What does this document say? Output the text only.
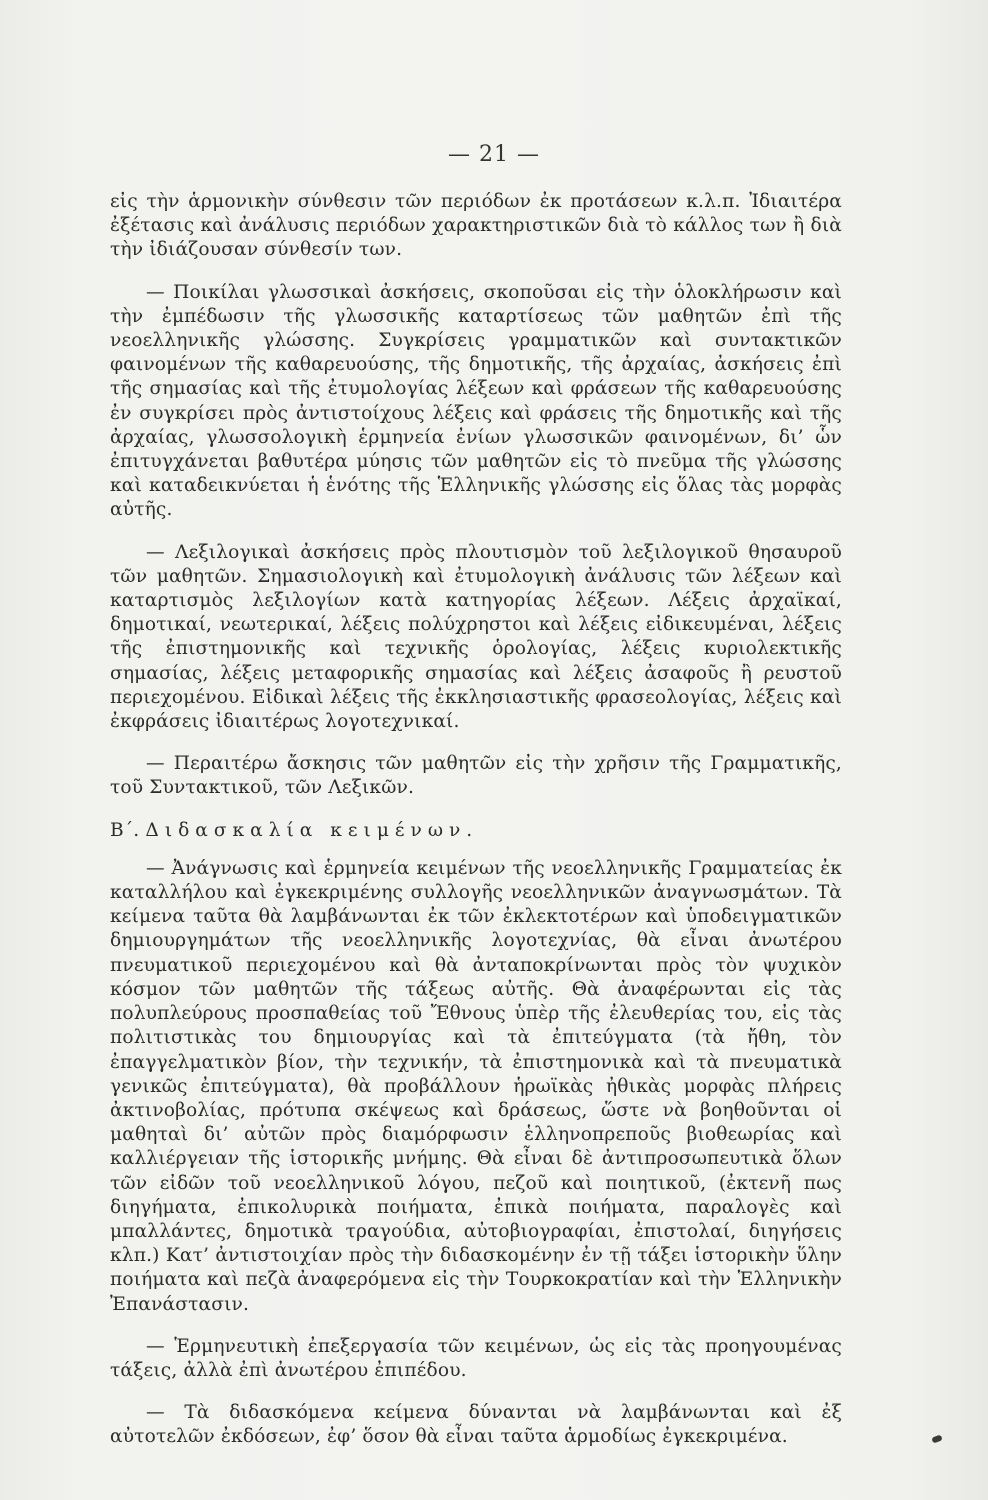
— 21 —

εἰς τὴν ἁρμονικὴν σύνθεσιν τῶν περιόδων ἐκ προτάσεων κ.λ.π. Ἰδιαιτέρα ἐξέτασις καὶ ἀνάλυσις περιόδων χαρακτηριστικῶν διὰ τὸ κάλλος των ἢ διὰ τὴν ἰδιάζουσαν σύνθεσίν των.

— Ποικίλαι γλωσσικαὶ ἀσκήσεις, σκοποῦσαι εἰς τὴν ὁλοκλήρωσιν καὶ τὴν ἐμπέδωσιν τῆς γλωσσικῆς καταρτίσεως τῶν μαθητῶν ἐπὶ τῆς νεοελληνικῆς γλώσσης. Συγκρίσεις γραμματικῶν καὶ συντακτικῶν φαινομένων τῆς καθαρευούσης, τῆς δημοτικῆς, τῆς ἀρχαίας, ἀσκήσεις ἐπὶ τῆς σημασίας καὶ τῆς ἐτυμολογίας λέξεων καὶ φράσεων τῆς καθαρευούσης ἐν συγκρίσει πρὸς ἀντιστοίχους λέξεις καὶ φράσεις τῆς δημοτικῆς καὶ τῆς ἀρχαίας, γλωσσολογικὴ ἑρμηνεία ἐνίων γλωσσικῶν φαινομένων, δι’ ὧν ἐπιτυγχάνεται βαθυτέρα μύησις τῶν μαθητῶν εἰς τὸ πνεῦμα τῆς γλώσσης καὶ καταδεικνύεται ἡ ἑνότης τῆς Ἑλληνικῆς γλώσσης εἰς ὅλας τὰς μορφὰς αὐτῆς.

— Λεξιλογικαὶ ἀσκήσεις πρὸς πλουτισμὸν τοῦ λεξιλογικοῦ θησαυροῦ τῶν μαθητῶν. Σημασιολογικὴ καὶ ἐτυμολογικὴ ἀνάλυσις τῶν λέξεων καὶ καταρτισμὸς λεξιλογίων κατὰ κατηγορίας λέξεων. Λέξεις ἀρχαϊκαί, δημοτικαί, νεωτερικαί, λέξεις πολύχρηστοι καὶ λέξεις εἰδικευμέναι, λέξεις τῆς ἐπιστημονικῆς καὶ τεχνικῆς ὁρολογίας, λέξεις κυριολεκτικῆς σημασίας, λέξεις μεταφορικῆς σημασίας καὶ λέξεις ἀσαφοῦς ἢ ρευστοῦ περιεχομένου. Εἰδικαὶ λέξεις τῆς ἐκκλησιαστικῆς φρασεολογίας, λέξεις καὶ ἐκφράσεις ἰδιαιτέρως λογοτεχνικαί.

— Περαιτέρω ἄσκησις τῶν μαθητῶν εἰς τὴν χρῆσιν τῆς Γραμματικῆς, τοῦ Συντακτικοῦ, τῶν Λεξικῶν.

Β΄. Διδασκαλία κειμένων.

— Ἀνάγνωσις καὶ ἑρμηνεία κειμένων τῆς νεοελληνικῆς Γραμματείας ἐκ καταλλήλου καὶ ἐγκεκριμένης συλλογῆς νεοελληνικῶν ἀναγνωσμάτων. Τὰ κείμενα ταῦτα θὰ λαμβάνωνται ἐκ τῶν ἐκλεκτοτέρων καὶ ὑποδειγματικῶν δημιουργημάτων τῆς νεοελληνικῆς λογοτεχνίας, θὰ εἶναι ἀνωτέρου πνευματικοῦ περιεχομένου καὶ θὰ ἀνταποκρίνωνται πρὸς τὸν ψυχικὸν κόσμον τῶν μαθητῶν τῆς τάξεως αὐτῆς. Θὰ ἀναφέρωνται εἰς τὰς πολυπλεύρους προσπαθείας τοῦ Ἔθνους ὑπὲρ τῆς ἐλευθερίας του, εἰς τὰς πολιτιστικὰς του δημιουργίας καὶ τὰ ἐπιτεύγματα (τὰ ἤθη, τὸν ἐπαγγελματικὸν βίον, τὴν τεχνικήν, τὰ ἐπιστημονικὰ καὶ τὰ πνευματικὰ γενικῶς ἐπιτεύγματα), θὰ προβάλλουν ἡρωϊκὰς ἠθικὰς μορφὰς πλήρεις ἀκτινοβολίας, πρότυπα σκέψεως καὶ δράσεως, ὥστε νὰ βοηθοῦνται οἱ μαθηταὶ δι’ αὐτῶν πρὸς διαμόρφωσιν ἑλληνοπρεποῦς βιοθεωρίας καὶ καλλιέργειαν τῆς ἱστορικῆς μνήμης. Θὰ εἶναι δὲ ἀντιπροσωπευτικὰ ὅλων τῶν εἰδῶν τοῦ νεοελληνικοῦ λόγου, πεζοῦ καὶ ποιητικοῦ, (ἐκτενῆ πως διηγήματα, ἐπικολυρικὰ ποιήματα, ἐπικὰ ποιήματα, παραλογὲς καὶ μπαλλάντες, δημοτικὰ τραγούδια, αὐτοβιογραφίαι, ἐπιστολαί, διηγήσεις κλπ.) Κατ’ ἀντιστοιχίαν πρὸς τὴν διδασκομένην ἐν τῇ τάξει ἱστορικὴν ὕλην ποιήματα καὶ πεζὰ ἀναφερόμενα εἰς τὴν Τουρκοκρατίαν καὶ τὴν Ἑλληνικὴν Ἐπανάστασιν.

— Ἑρμηνευτικὴ ἐπεξεργασία τῶν κειμένων, ὡς εἰς τὰς προηγουμένας τάξεις, ἀλλὰ ἐπὶ ἀνωτέρου ἐπιπέδου.

— Τὰ διδασκόμενα κείμενα δύνανται νὰ λαμβάνωνται καὶ ἐξ αὐτοτελῶν ἐκδόσεων, ἐφ’ ὅσον θὰ εἶναι ταῦτα ἁρμοδίως ἐγκεκριμένα.
